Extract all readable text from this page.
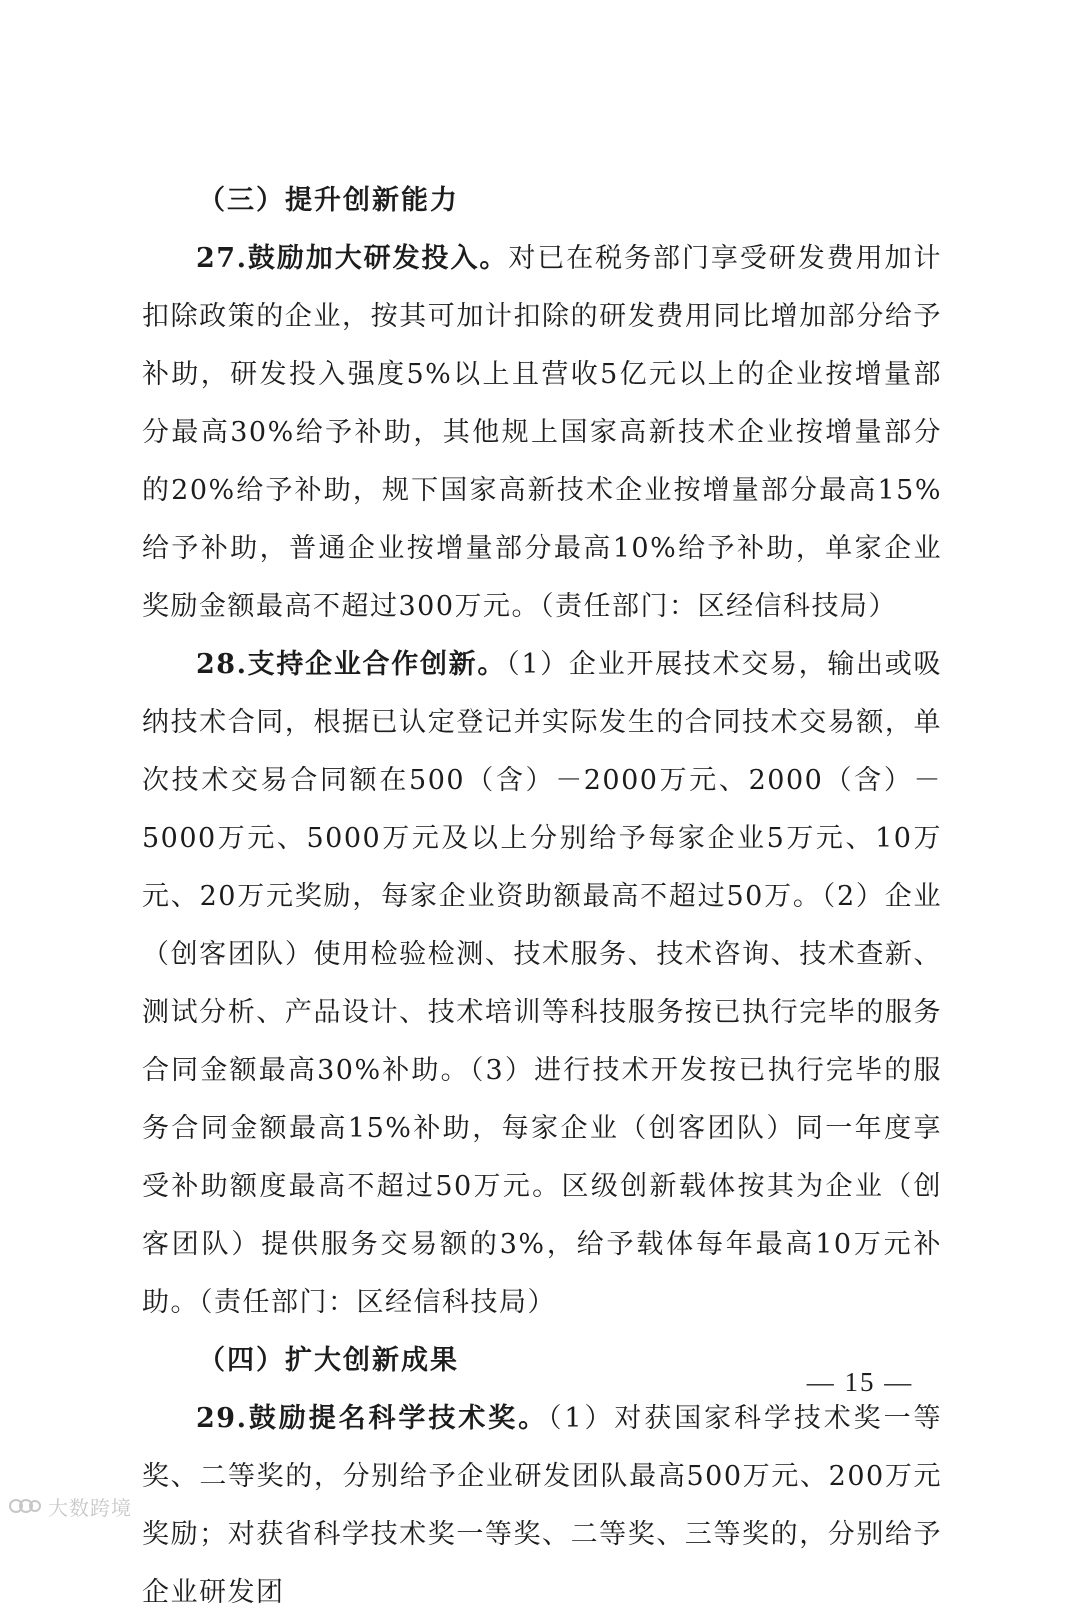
（三）提升创新能力

27.鼓励加大研发投入。对已在税务部门享受研发费用加计扣除政策的企业，按其可加计扣除的研发费用同比增加部分给予补助，研发投入强度5%以上且营收5亿元以上的企业按增量部分最高30%给予补助，其他规上国家高新技术企业按增量部分的20%给予补助，规下国家高新技术企业按增量部分最高15%给予补助，普通企业按增量部分最高10%给予补助，单家企业奖励金额最高不超过300万元。（责任部门：区经信科技局）

28.支持企业合作创新。（1）企业开展技术交易，输出或吸纳技术合同，根据已认定登记并实际发生的合同技术交易额，单次技术交易合同额在500（含）－2000万元、2000（含）－5000万元、5000万元及以上分别给予每家企业5万元、10万元、20万元奖励，每家企业资助额最高不超过50万。（2）企业（创客团队）使用检验检测、技术服务、技术咨询、技术查新、测试分析、产品设计、技术培训等科技服务按已执行完毕的服务合同金额最高30%补助。（3）进行技术开发按已执行完毕的服务合同金额最高15%补助，每家企业（创客团队）同一年度享受补助额度最高不超过50万元。区级创新载体按其为企业（创客团队）提供服务交易额的3%，给予载体每年最高10万元补助。（责任部门：区经信科技局）

（四）扩大创新成果

29.鼓励提名科学技术奖。（1）对获国家科学技术奖一等奖、二等奖的，分别给予企业研发团队最高500万元、200万元奖励；对获省科学技术奖一等奖、二等奖、三等奖的，分别给予企业研发团

— 15 —
大数跨境
